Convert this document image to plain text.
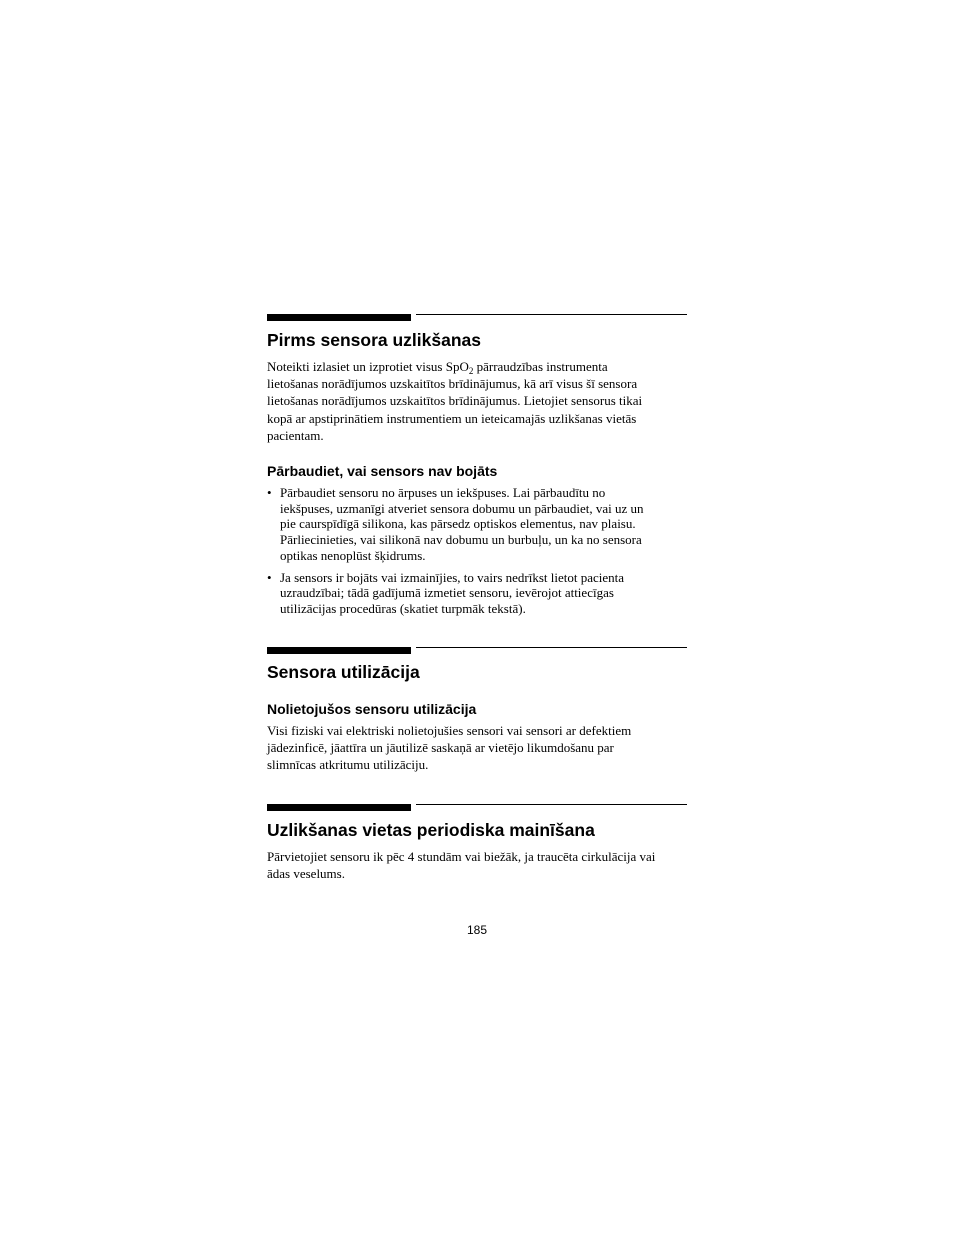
Pirms sensora uzlikšanas

Noteikti izlasiet un izprotiet visus SpO$_2$ pārraudzības instrumenta
lietošanas norādījumos uzskaitītos brīdinājumus, kā arī visus šī sensora
lietošanas norādījumos uzskaitītos brīdinājumus. Lietojiet sensorus tikai
kopā ar apstiprinātiem instrumentiem un ieteicamajās uzlikšanas vietās
pacientam.

Pārbaudiet, vai sensors nav bojāts
• Pārbaudiet sensoru no ārpuses un iekšpuses. Lai pārbaudītu no
iekšpuses, uzmanīgi atveriet sensora dobumu un pārbaudiet, vai uz un
pie caurspīdīgā silikona, kas pārsedz optiskos elementus, nav plaisu.
Pārliecinieties, vai silikonā nav dobumu un burbuļu, un ka no sensora
optikas nenoplūst šķidrums.
• Ja sensors ir bojāts vai izmainījies, to vairs nedrīkst lietot pacienta
uzraudzībai; tādā gadījumā izmetiet sensoru, ievērojot attiecīgas
utilizācijas procedūras (skatiet turpmāk tekstā).
Sensora utilizācija
Nolietojušos sensoru utilizācija

Visi fiziski vai elektriski nolietojušies sensori vai sensori ar defektiem
jādezinficē, jāattīra un jāutilizē saskaņā ar vietējo likumdošanu par
slimnīcas atkritumu utilizāciju.

Uzlikšanas vietas periodiska mainīšana

Pārvietojiet sensoru ik pēc 4 stundām vai biežāk, ja traucēta cirkulācija vai
ādas veselums.

185
